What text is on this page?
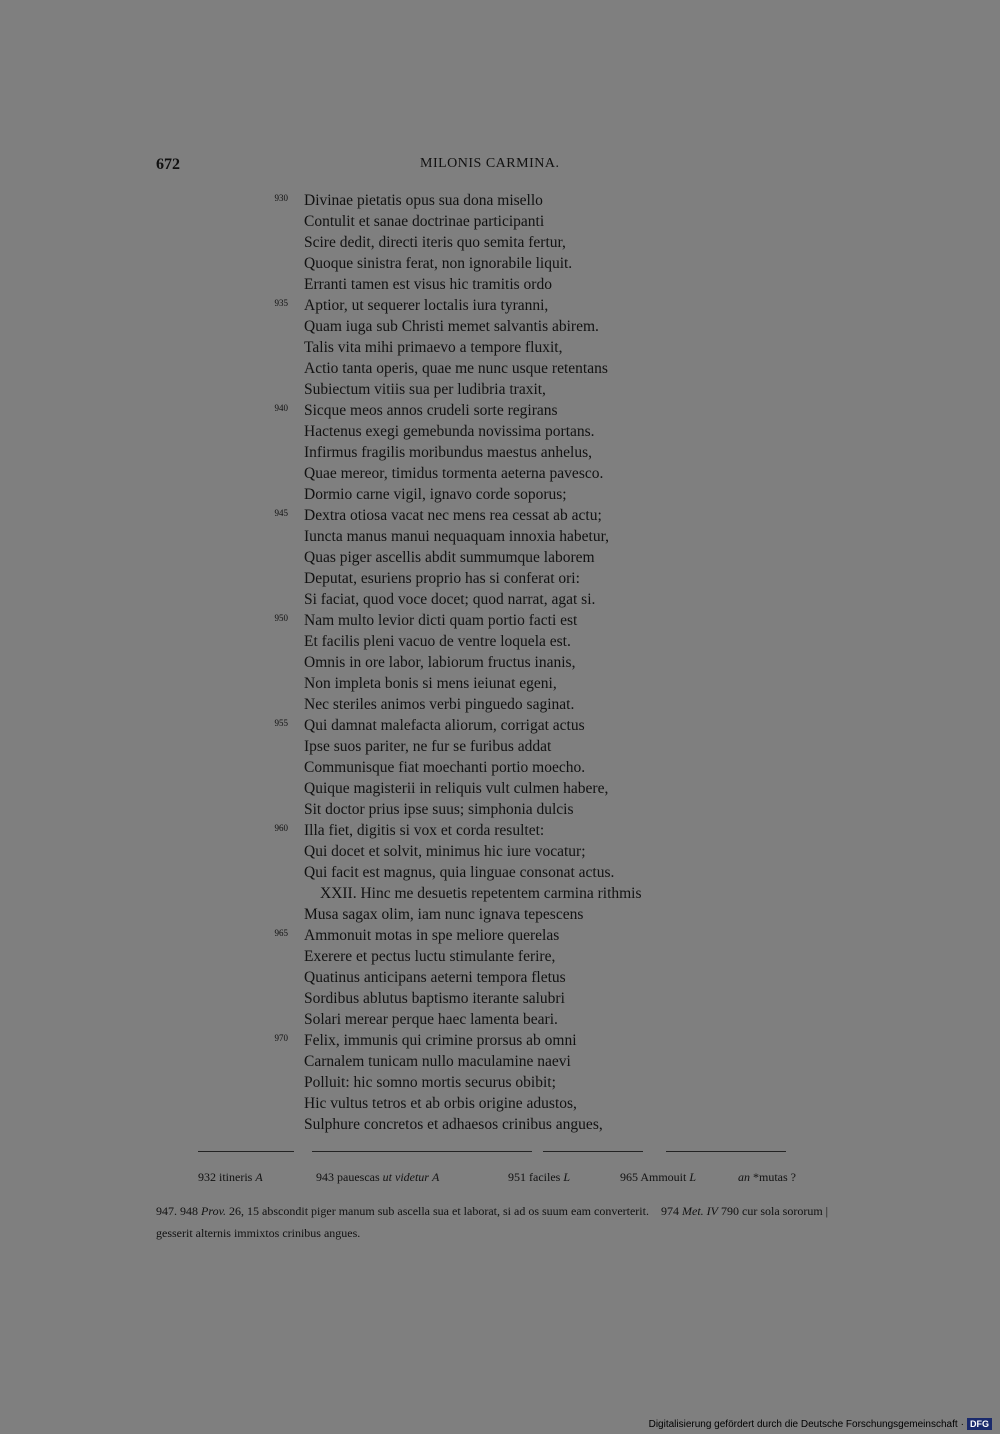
672	MILONIS CARMINA.
930 Divinae pietatis opus sua dona misello
Contulit et sanae doctrinae participanti
Scire dedit, directi iteris quo semita fertur,
Quoque sinistra ferat, non ignorabile liquit.
Erranti tamen est visus hic tramitis ordo
935 Aptior, ut sequerer loctalis iura tyranni,
Quam iuga sub Christi memet salvantis abirem.
Talis vita mihi primaevo a tempore fluxit,
Actio tanta operis, quae me nunc usque retentans
Subiectum vitiis sua per ludibria traxit,
940 Sicque meos annos crudeli sorte regirans
Hactenus exegi gemebunda novissima portans.
Infirmus fragilis moribundus maestus anhelus,
Quae mereor, timidus tormenta aeterna pavesco.
Dormio carne vigil, ignavo corde soporus;
945 Dextra otiosa vacat nec mens rea cessat ab actu;
Iuncta manus manui nequaquam innoxia habetur,
Quas piger ascellis abdit summumque laborem
Deputat, esuriens proprio has si conferat ori:
Si faciat, quod voce docet; quod narrat, agat si.
950 Nam multo levior dicti quam portio facti est
Et facilis pleni vacuo de ventre loquela est.
Omnis in ore labor, labiorum fructus inanis,
Non impleta bonis si mens ieiunat egeni,
Nec steriles animos verbi pinguedo saginat.
955 Qui damnat malefacta aliorum, corrigat actus
Ipse suos pariter, ne fur se furibus addat
Communisque fiat moechanti portio moecho.
Quique magisterii in reliquis vult culmen habere,
Sit doctor prius ipse suus; simphonia dulcis
960 Illa fiet, digitis si vox et corda resultet:
Qui docet et solvit, minimus hic iure vocatur;
Qui facit est magnus, quia linguae consonat actus.
XXII. Hinc me desuetis repetentem carmina rithmis
Musa sagax olim, iam nunc ignava tepescens
965 Ammonuit motas in spe meliore querelas
Exerere et pectus luctu stimulante ferire,
Quatinus anticipans aeterni tempora fletus
Sordibus ablutus baptismo iterante salubri
Solari merear perque haec lamenta beari.
970 Felix, immunis qui crimine prorsus ab omni
Carnalem tunicam nullo maculamine naevi
Polluit: hic somno mortis securus obibit;
Hic vultus tetros et ab orbis origine adustos,
Sulphure concretos et adhaesos crinibus angues,
932 itineris A	943 pauescas ut videtur A	951 faciles L	965 Ammouit L	an *mutas ?

947. 948 Prov. 26, 15 abscondit piger manum sub ascella sua et laborat, si ad os suum eam converterit. 974 Met. IV 790 cur sola sororum | gesserit alternis immixtos crinibus angues.

Digitalisierung gefördert durch die Deutsche Forschungsgemeinschaft · DFG
